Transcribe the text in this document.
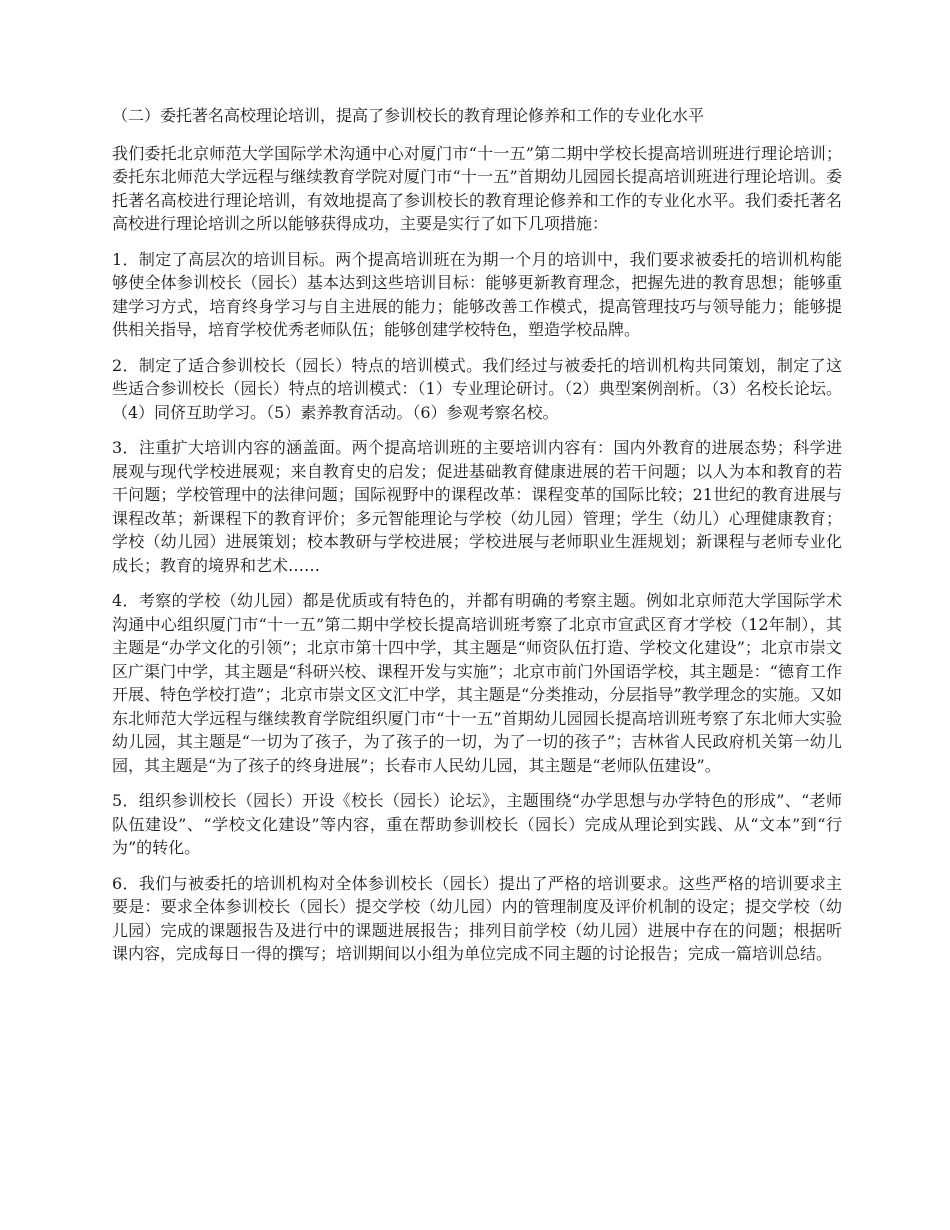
（二）委托著名高校理论培训，提高了参训校长的教育理论修养和工作的专业化水平

我们委托北京师范大学国际学术沟通中心对厦门市“十一五”第二期中学校长提高培训班进行理论培训；委托东北师范大学远程与继续教育学院对厦门市“十一五”首期幼儿园园长提高培训班进行理论培训。委托著名高校进行理论培训，有效地提高了参训校长的教育理论修养和工作的专业化水平。我们委托著名高校进行理论培训之所以能够获得成功，主要是实行了如下几项措施：

1．制定了高层次的培训目标。两个提高培训班在为期一个月的培训中，我们要求被委托的培训机构能够使全体参训校长（园长）基本达到这些培训目标：能够更新教育理念，把握先进的教育思想；能够重建学习方式，培育终身学习与自主进展的能力；能够改善工作模式，提高管理技巧与领导能力；能够提供相关指导，培育学校优秀老师队伍；能够创建学校特色，塑造学校品牌。

2．制定了适合参训校长（园长）特点的培训模式。我们经过与被委托的培训机构共同策划，制定了这些适合参训校长（园长）特点的培训模式：（1）专业理论研讨。（2）典型案例剖析。（3）名校长论坛。（4）同侪互助学习。（5）素养教育活动。（6）参观考察名校。

3．注重扩大培训内容的涵盖面。两个提高培训班的主要培训内容有：国内外教育的进展态势；科学进展观与现代学校进展观；来自教育史的启发；促进基础教育健康进展的若干问题；以人为本和教育的若干问题；学校管理中的法律问题；国际视野中的课程改革：课程变革的国际比较；21世纪的教育进展与课程改革；新课程下的教育评价；多元智能理论与学校（幼儿园）管理；学生（幼儿）心理健康教育；学校（幼儿园）进展策划；校本教研与学校进展；学校进展与老师职业生涯规划；新课程与老师专业化成长；教育的境界和艺术……

4．考察的学校（幼儿园）都是优质或有特色的，并都有明确的考察主题。例如北京师范大学国际学术沟通中心组织厦门市“十一五”第二期中学校长提高培训班考察了北京市宣武区育才学校（12年制），其主题是“办学文化的引领”；北京市第十四中学，其主题是“师资队伍打造、学校文化建设”；北京市崇文区广渠门中学，其主题是“科研兴校、课程开发与实施”；北京市前门外国语学校，其主题是：“德育工作开展、特色学校打造”；北京市崇文区文汇中学，其主题是“分类推动，分层指导”教学理念的实施。又如东北师范大学远程与继续教育学院组织厦门市“十一五”首期幼儿园园长提高培训班考察了东北师大实验幼儿园，其主题是“一切为了孩子，为了孩子的一切，为了一切的孩子”；吉林省人民政府机关第一幼儿园，其主题是“为了孩子的终身进展”；长春市人民幼儿园，其主题是“老师队伍建设”。

5．组织参训校长（园长）开设《校长（园长）论坛》，主题围绕“办学思想与办学特色的形成”、“老师队伍建设”、“学校文化建设”等内容，重在帮助参训校长（园长）完成从理论到实践、从“文本”到“行为”的转化。

6．我们与被委托的培训机构对全体参训校长（园长）提出了严格的培训要求。这些严格的培训要求主要是：要求全体参训校长（园长）提交学校（幼儿园）内的管理制度及评价机制的设定；提交学校（幼儿园）完成的课题报告及进行中的课题进展报告；排列目前学校（幼儿园）进展中存在的问题；根据听课内容，完成每日一得的撰写；培训期间以小组为单位完成不同主题的讨论报告；完成一篇培训总结。
